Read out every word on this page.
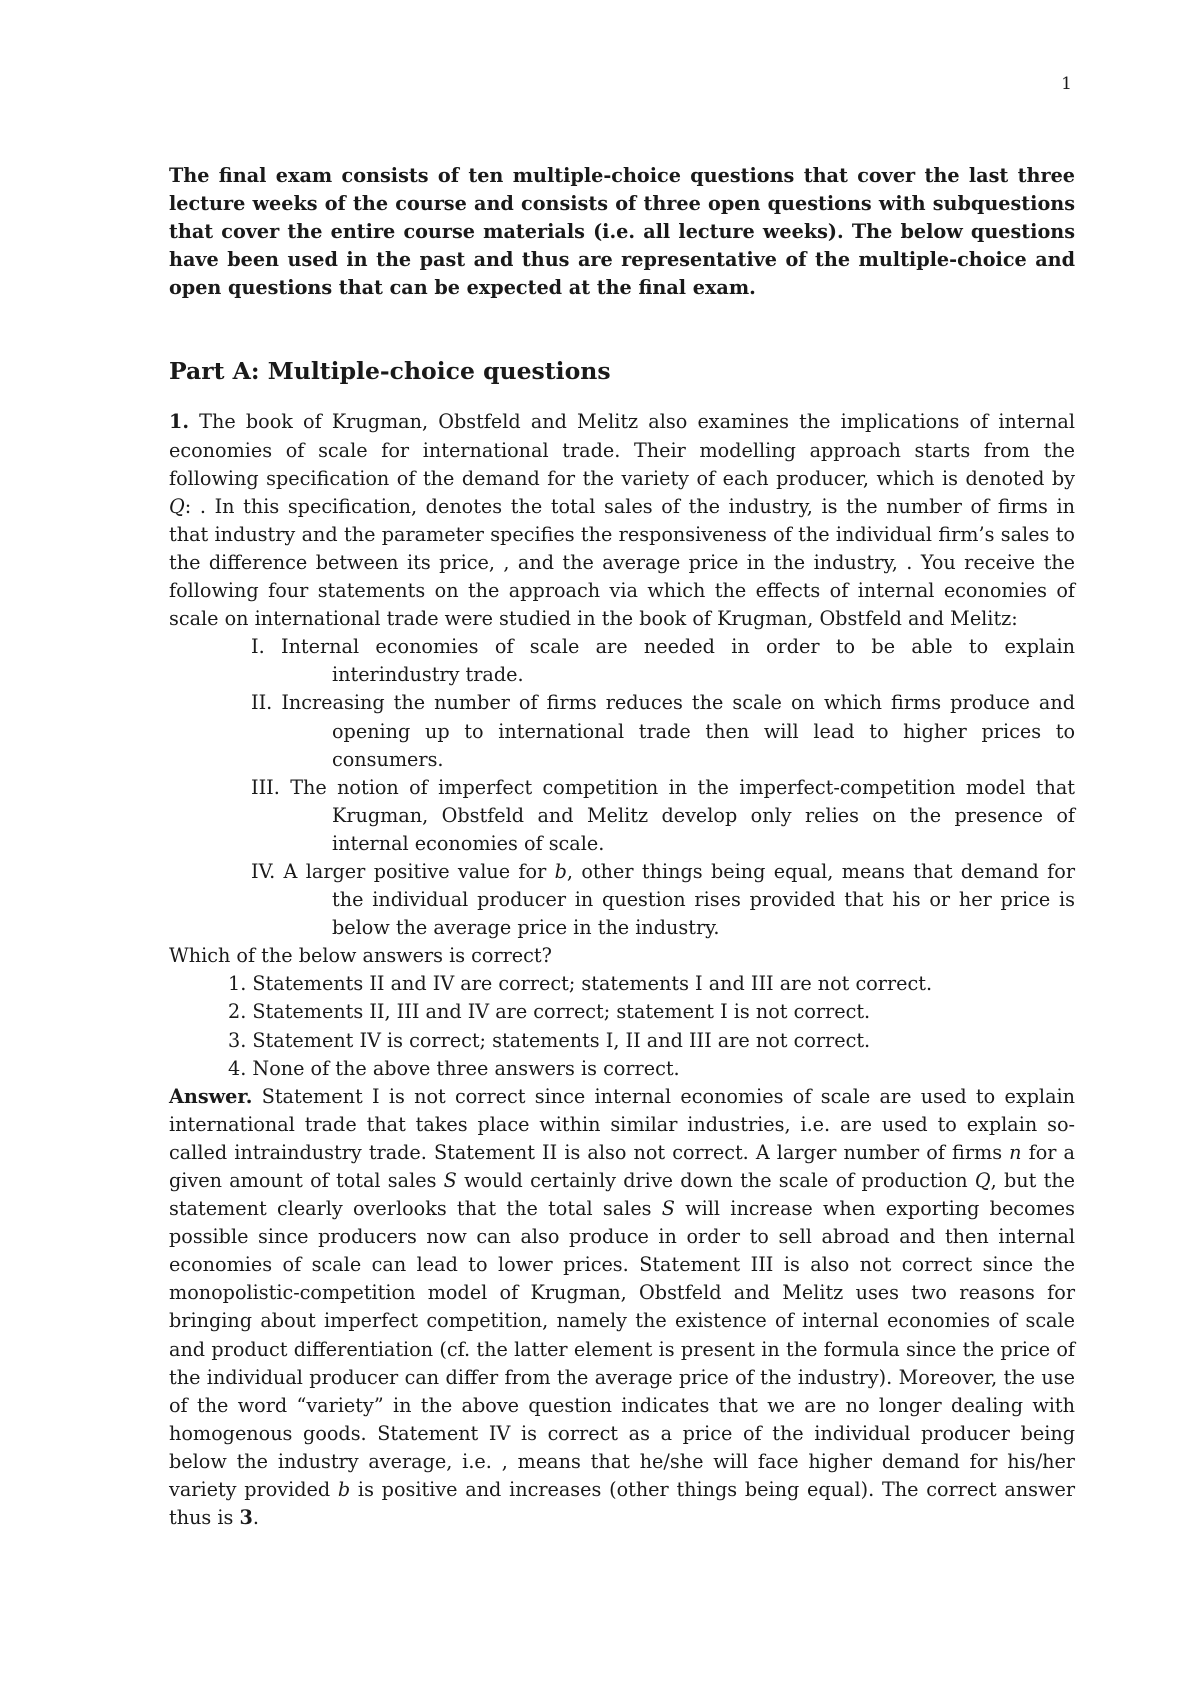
1

The final exam consists of ten multiple-choice questions that cover the last three lecture weeks of the course and consists of three open questions with subquestions that cover the entire course materials (i.e. all lecture weeks). The below questions have been used in the past and thus are representative of the multiple-choice and open questions that can be expected at the final exam.

Part A: Multiple-choice questions

1. The book of Krugman, Obstfeld and Melitz also examines the implications of internal economies of scale for international trade. Their modelling approach starts from the following specification of the demand for the variety of each producer, which is denoted by Q: . In this specification, denotes the total sales of the industry, is the number of firms in that industry and the parameter specifies the responsiveness of the individual firm’s sales to the difference between its price, , and the average price in the industry, . You receive the following four statements on the approach via which the effects of internal economies of scale on international trade were studied in the book of Krugman, Obstfeld and Melitz:

I. Internal economies of scale are needed in order to be able to explain interindustry trade.
II. Increasing the number of firms reduces the scale on which firms produce and opening up to international trade then will lead to higher prices to consumers.
III. The notion of imperfect competition in the imperfect-competition model that Krugman, Obstfeld and Melitz develop only relies on the presence of internal economies of scale.
IV. A larger positive value for b, other things being equal, means that demand for the individual producer in question rises provided that his or her price is below the average price in the industry.

Which of the below answers is correct?

1. Statements II and IV are correct; statements I and III are not correct.
2. Statements II, III and IV are correct; statement I is not correct.
3. Statement IV is correct; statements I, II and III are not correct.
4. None of the above three answers is correct.

Answer. Statement I is not correct since internal economies of scale are used to explain international trade that takes place within similar industries, i.e. are used to explain so-called intraindustry trade. Statement II is also not correct. A larger number of firms n for a given amount of total sales S would certainly drive down the scale of production Q, but the statement clearly overlooks that the total sales S will increase when exporting becomes possible since producers now can also produce in order to sell abroad and then internal economies of scale can lead to lower prices. Statement III is also not correct since the monopolistic-competition model of Krugman, Obstfeld and Melitz uses two reasons for bringing about imperfect competition, namely the existence of internal economies of scale and product differentiation (cf. the latter element is present in the formula since the price of the individual producer can differ from the average price of the industry). Moreover, the use of the word “variety” in the above question indicates that we are no longer dealing with homogenous goods. Statement IV is correct as a price of the individual producer being below the industry average, i.e. , means that he/she will face higher demand for his/her variety provided b is positive and increases (other things being equal). The correct answer thus is 3.
